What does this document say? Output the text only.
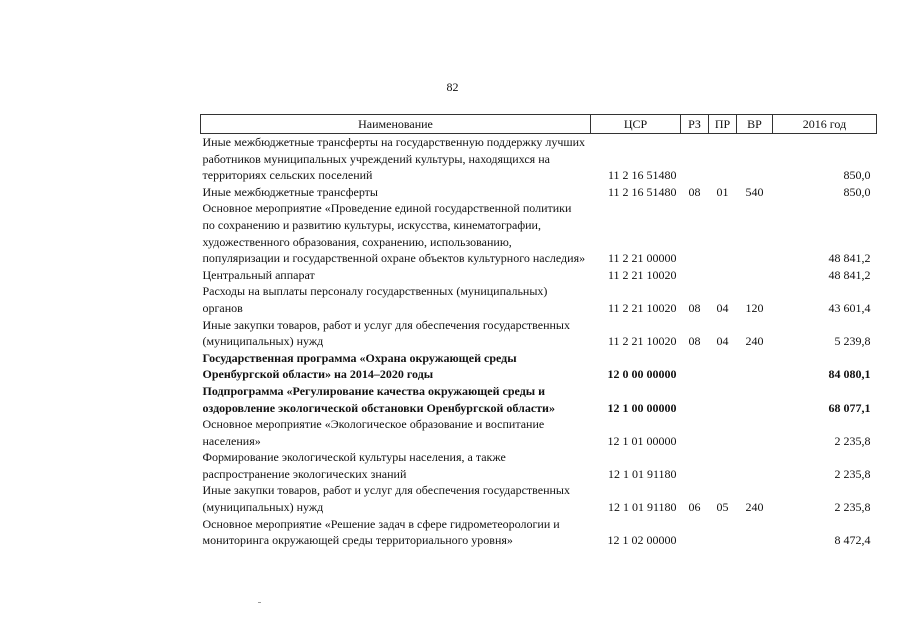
82
Наименование	ЦСР	РЗ	ПР	ВР	2016 год
Иные межбюджетные трансферты на государственную поддержку лучших работников муниципальных учреждений культуры, находящихся на территориях сельских поселений	11 2 16 51480				850,0
Иные межбюджетные трансферты	11 2 16 51480	08	01	540	850,0
Основное мероприятие «Проведение единой государственной политики по сохранению и развитию культуры, искусства, кинематографии, художественного образования, сохранению, использованию, популяризации и государственной охране объектов культурного наследия»	11 2 21 00000				48 841,2
Центральный аппарат	11 2 21 10020				48 841,2
Расходы на выплаты персоналу государственных (муниципальных) органов	11 2 21 10020	08	04	120	43 601,4
Иные закупки товаров, работ и услуг для обеспечения государственных (муниципальных) нужд	11 2 21 10020	08	04	240	5 239,8
Государственная программа «Охрана окружающей среды Оренбургской области» на 2014–2020 годы	12 0 00 00000				84 080,1
Подпрограмма «Регулирование качества окружающей среды и оздоровление экологической обстановки Оренбургской области»	12 1 00 00000				68 077,1
Основное мероприятие «Экологическое образование и воспитание населения»	12 1 01 00000				2 235,8
Формирование экологической культуры населения, а также распространение экологических знаний	12 1 01 91180				2 235,8
Иные закупки товаров, работ и услуг для обеспечения государственных (муниципальных) нужд	12 1 01 91180	06	05	240	2 235,8
Основное мероприятие «Решение задач в сфере гидрометеорологии и мониторинга окружающей среды территориального уровня»	12 1 02 00000				8 472,4
